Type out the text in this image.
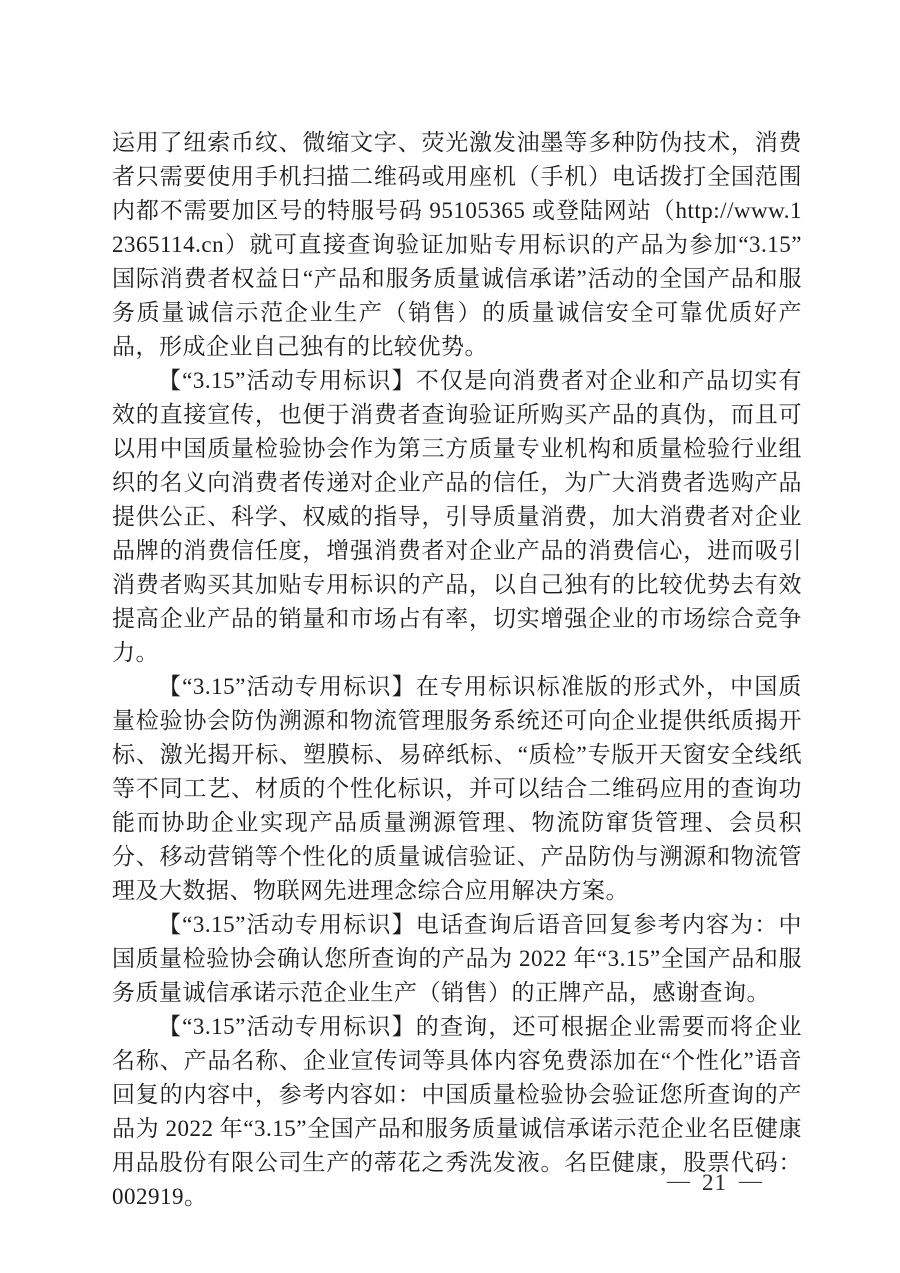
运用了纽索币纹、微缩文字、荧光激发油墨等多种防伪技术，消费者只需要使用手机扫描二维码或用座机（手机）电话拨打全国范围内都不需要加区号的特服号码 95105365 或登陆网站（http://www.12365114.cn）就可直接查询验证加贴专用标识的产品为参加“3.15”国际消费者权益日“产品和服务质量诚信承诺”活动的全国产品和服务质量诚信示范企业生产（销售）的质量诚信安全可靠优质好产品，形成企业自己独有的比较优势。

【“3.15”活动专用标识】不仅是向消费者对企业和产品切实有效的直接宣传，也便于消费者查询验证所购买产品的真伪，而且可以用中国质量检验协会作为第三方质量专业机构和质量检验行业组织的名义向消费者传递对企业产品的信任，为广大消费者选购产品提供公正、科学、权威的指导，引导质量消费，加大消费者对企业品牌的消费信任度，增强消费者对企业产品的消费信心，进而吸引消费者购买其加贴专用标识的产品，以自己独有的比较优势去有效提高企业产品的销量和市场占有率，切实增强企业的市场综合竞争力。

【“3.15”活动专用标识】在专用标识标准版的形式外，中国质量检验协会防伪溯源和物流管理服务系统还可向企业提供纸质揭开标、激光揭开标、塑膜标、易碎纸标、“质检”专版开天窗安全线纸等不同工艺、材质的个性化标识，并可以结合二维码应用的查询功能而协助企业实现产品质量溯源管理、物流防窜货管理、会员积分、移动营销等个性化的质量诚信验证、产品防伪与溯源和物流管理及大数据、物联网先进理念综合应用解决方案。

【“3.15”活动专用标识】电话查询后语音回复参考内容为：中国质量检验协会确认您所查询的产品为 2022 年“3.15”全国产品和服务质量诚信承诺示范企业生产（销售）的正牌产品，感谢查询。

【“3.15”活动专用标识】的查询，还可根据企业需要而将企业名称、产品名称、企业宣传词等具体内容免费添加在“个性化”语音回复的内容中，参考内容如：中国质量检验协会验证您所查询的产品为 2022 年“3.15”全国产品和服务质量诚信承诺示范企业名臣健康用品股份有限公司生产的蒂花之秀洗发液。名臣健康，股票代码：002919。

— 21 —
